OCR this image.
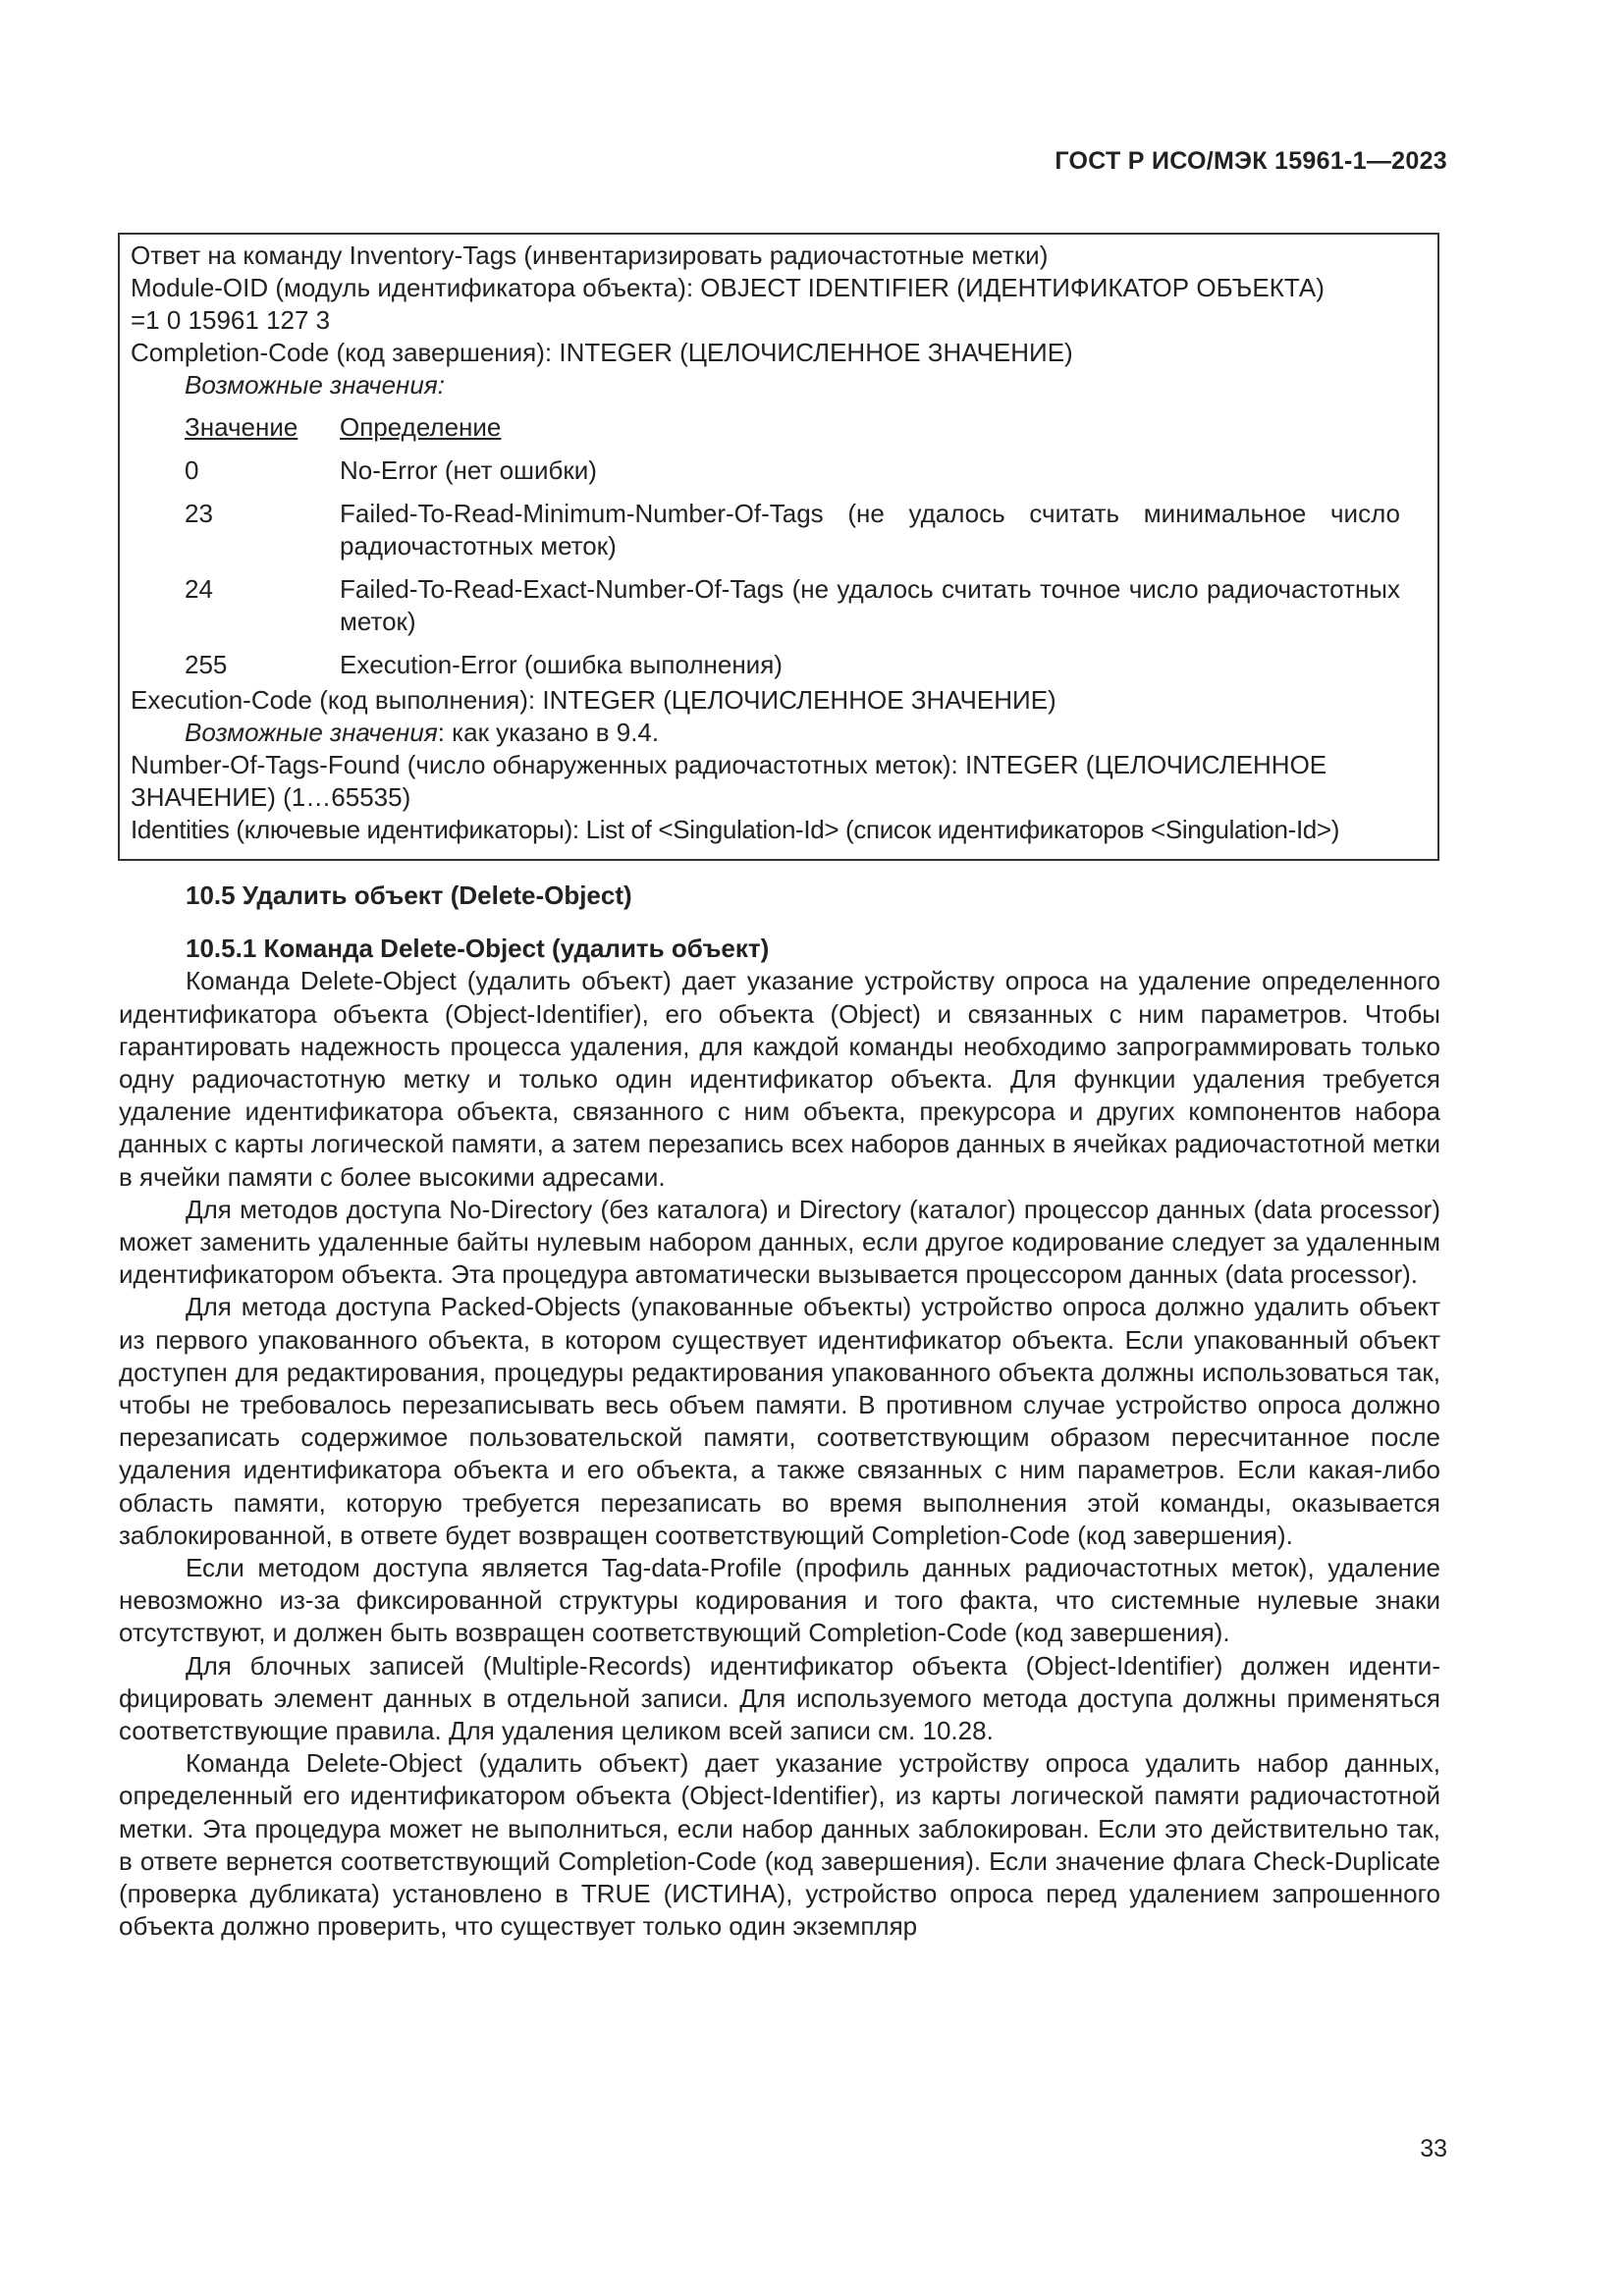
ГОСТ Р ИСО/МЭК 15961-1—2023
Ответ на команду Inventory-Tags (инвентаризировать радиочастотные метки)
Module-OID (модуль идентификатора объекта): OBJECT IDENTIFIER (ИДЕНТИФИКАТОР ОБЪЕКТА)
=1 0 15961 127 3
Completion-Code (код завершения): INTEGER (ЦЕЛОЧИСЛЕННОЕ ЗНАЧЕНИЕ)
Возможные значения:
Значение	Определение
0	No-Error (нет ошибки)
23	Failed-To-Read-Minimum-Number-Of-Tags (не удалось считать минимальное число радиочастотных меток)
24	Failed-To-Read-Exact-Number-Of-Tags (не удалось считать точное число радиочастотных меток)
255	Execution-Error (ошибка выполнения)
Execution-Code (код выполнения): INTEGER (ЦЕЛОЧИСЛЕННОЕ ЗНАЧЕНИЕ)
Возможные значения: как указано в 9.4.
Number-Of-Tags-Found (число обнаруженных радиочастотных меток): INTEGER (ЦЕЛОЧИСЛЕННОЕ
ЗНАЧЕНИЕ) (1…65535)
Identities (ключевые идентификаторы): List of <Singulation-Id> (список идентификаторов <Singulation-Id>)

10.5 Удалить объект (Delete-Object)

10.5.1 Команда Delete-Object (удалить объект)

Команда Delete-Object (удалить объект) дает указание устройству опроса на удаление определенного идентификатора объекта (Object-Identifier), его объекта (Object) и связанных с ним параметров. Чтобы гарантировать надежность процесса удаления, для каждой команды необходимо запрограммировать только одну радиочастотную метку и только один идентификатор объекта. Для функции удаления требуется удаление идентификатора объекта, связанного с ним объекта, прекурсора и других компонентов набора данных с карты логической памяти, а затем перезапись всех наборов данных в ячейках радиочастотной метки в ячейки памяти с более высокими адресами.

Для методов доступа No-Directory (без каталога) и Directory (каталог) процессор данных (data processor) может заменить удаленные байты нулевым набором данных, если другое кодирование следует за удаленным идентификатором объекта. Эта процедура автоматически вызывается процессором данных (data processor).

Для метода доступа Packed-Objects (упакованные объекты) устройство опроса должно удалить объект из первого упакованного объекта, в котором существует идентификатор объекта. Если упакованный объект доступен для редактирования, процедуры редактирования упакованного объекта должны использоваться так, чтобы не требовалось перезаписывать весь объем памяти. В противном случае устройство опроса должно перезаписать содержимое пользовательской памяти, соответствующим образом пересчитанное после удаления идентификатора объекта и его объекта, а также связанных с ним параметров. Если какая-либо область памяти, которую требуется перезаписать во время выполнения этой команды, оказывается заблокированной, в ответе будет возвращен соответствующий Completion-Code (код завершения).

Если методом доступа является Tag-data-Profile (профиль данных радиочастотных меток), удаление невозможно из-за фиксированной структуры кодирования и того факта, что системные нулевые знаки отсутствуют, и должен быть возвращен соответствующий Completion-Code (код завершения).

Для блочных записей (Multiple-Records) идентификатор объекта (Object-Identifier) должен идентифицировать элемент данных в отдельной записи. Для используемого метода доступа должны применяться соответствующие правила. Для удаления целиком всей записи см. 10.28.

Команда Delete-Object (удалить объект) дает указание устройству опроса удалить набор данных, определенный его идентификатором объекта (Object-Identifier), из карты логической памяти радиочастотной метки. Эта процедура может не выполниться, если набор данных заблокирован. Если это действительно так, в ответе вернется соответствующий Completion-Code (код завершения). Если значение флага Check-Duplicate (проверка дубликата) установлено в TRUE (ИСТИНА), устройство опроса перед удалением запрошенного объекта должно проверить, что существует только один экземпляр

33
